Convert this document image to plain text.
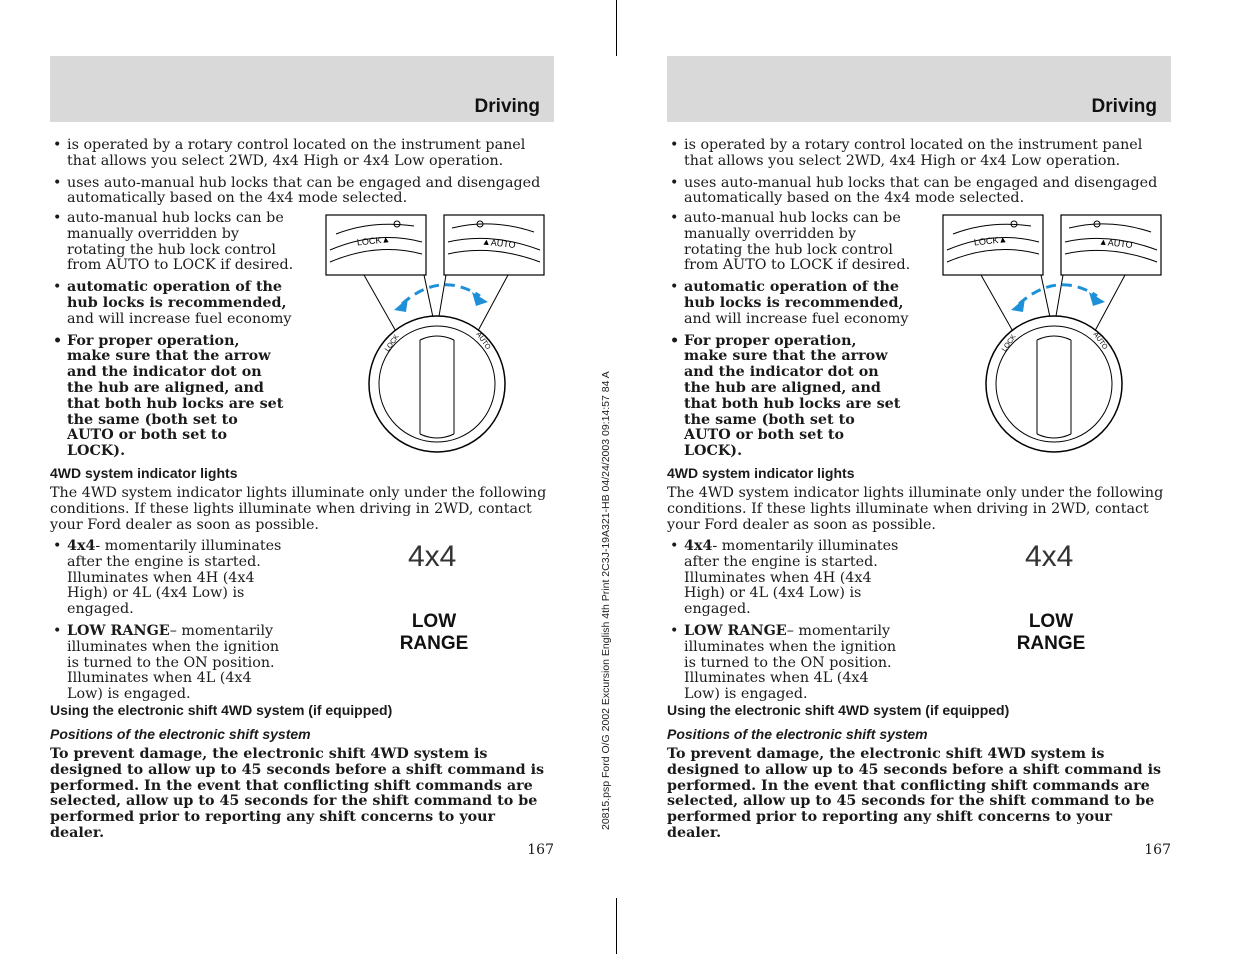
20815.psp Ford O/G 2002 Excursion English 4th Print 2C3J-19A321-HB 04/24/2003 09:14:57 84 A
Driving
• is operated by a rotary control located on the instrument panel that allows you select 2WD, 4x4 High or 4x4 Low operation.
• uses auto-manual hub locks that can be engaged and disengaged automatically based on the 4x4 mode selected.
• auto-manual hub locks can be manually overridden by rotating the hub lock control from AUTO to LOCK if desired.
• automatic operation of the hub locks is recommended, and will increase fuel economy
• For proper operation, make sure that the arrow and the indicator dot on the hub are aligned, and that both hub locks are set the same (both set to AUTO or both set to LOCK).
LOCK▲	▲AUTO
LOCK	AUTO
4WD system indicator lights
The 4WD system indicator lights illuminate only under the following conditions. If these lights illuminate when driving in 2WD, contact your Ford dealer as soon as possible.
• 4x4- momentarily illuminates after the engine is started. Illuminates when 4H (4x4 High) or 4L (4x4 Low) is engaged.
• LOW RANGE– momentarily illuminates when the ignition is turned to the ON position. Illuminates when 4L (4x4 Low) is engaged.
4x4
LOW
RANGE
Using the electronic shift 4WD system (if equipped)
Positions of the electronic shift system
To prevent damage, the electronic shift 4WD system is designed to allow up to 45 seconds before a shift command is performed. In the event that conflicting shift commands are selected, allow up to 45 seconds for the shift command to be performed prior to reporting any shift concerns to your dealer.
167
Driving
• is operated by a rotary control located on the instrument panel that allows you select 2WD, 4x4 High or 4x4 Low operation.
• uses auto-manual hub locks that can be engaged and disengaged automatically based on the 4x4 mode selected.
• auto-manual hub locks can be manually overridden by rotating the hub lock control from AUTO to LOCK if desired.
• automatic operation of the hub locks is recommended, and will increase fuel economy
• For proper operation, make sure that the arrow and the indicator dot on the hub are aligned, and that both hub locks are set the same (both set to AUTO or both set to LOCK).
LOCK▲	▲AUTO
LOCK	AUTO
4WD system indicator lights
The 4WD system indicator lights illuminate only under the following conditions. If these lights illuminate when driving in 2WD, contact your Ford dealer as soon as possible.
• 4x4- momentarily illuminates after the engine is started. Illuminates when 4H (4x4 High) or 4L (4x4 Low) is engaged.
• LOW RANGE– momentarily illuminates when the ignition is turned to the ON position. Illuminates when 4L (4x4 Low) is engaged.
4x4
LOW
RANGE
Using the electronic shift 4WD system (if equipped)
Positions of the electronic shift system
To prevent damage, the electronic shift 4WD system is designed to allow up to 45 seconds before a shift command is performed. In the event that conflicting shift commands are selected, allow up to 45 seconds for the shift command to be performed prior to reporting any shift concerns to your dealer.
167
